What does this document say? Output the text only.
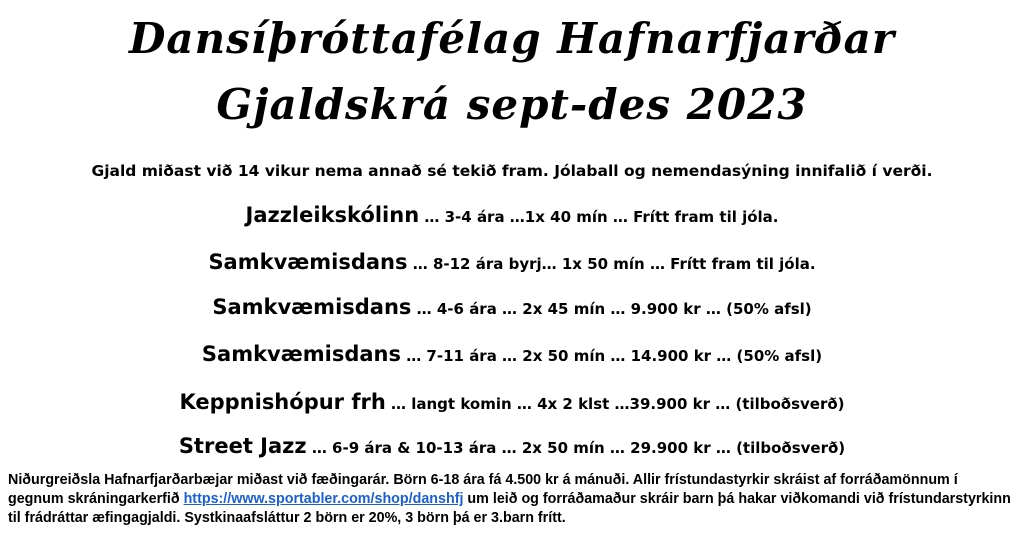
Dansíþróttafélag Hafnarfjarðar
Gjaldskrá sept-des 2023
Gjald miðast við 14 vikur nema annað sé tekið fram. Jólaball og nemendasýning innifalið í verði.
Jazzleikskólinn … 3-4 ára …1x 40 mín … Frítt fram til jóla.
Samkvæmisdans … 8-12 ára byrj… 1x 50 mín … Frítt fram til jóla.
Samkvæmisdans … 4-6 ára … 2x 45 mín … 9.900 kr … (50% afsl)
Samkvæmisdans … 7-11 ára … 2x 50 mín … 14.900 kr … (50% afsl)
Keppnishópur frh … langt komin … 4x 2 klst …39.900 kr … (tilboðsverð)
Street Jazz … 6-9 ára & 10-13 ára … 2x 50 mín … 29.900 kr … (tilboðsverð)
Niðurgreiðsla Hafnarfjarðarbæjar miðast við fæðingarár. Börn 6-18 ára fá 4.500 kr á mánuði. Allir frístundastyrkir skráist af forráðamönnum í gegnum skráningarkerfið https://www.sportabler.com/shop/danshfj um leið og forráðamaður skráir barn þá hakar viðkomandi við frístundarstyrkinn til frádráttar æfingagjaldi. Systkinaafsláttur 2 börn er 20%, 3 börn þá er 3.barn frítt.
